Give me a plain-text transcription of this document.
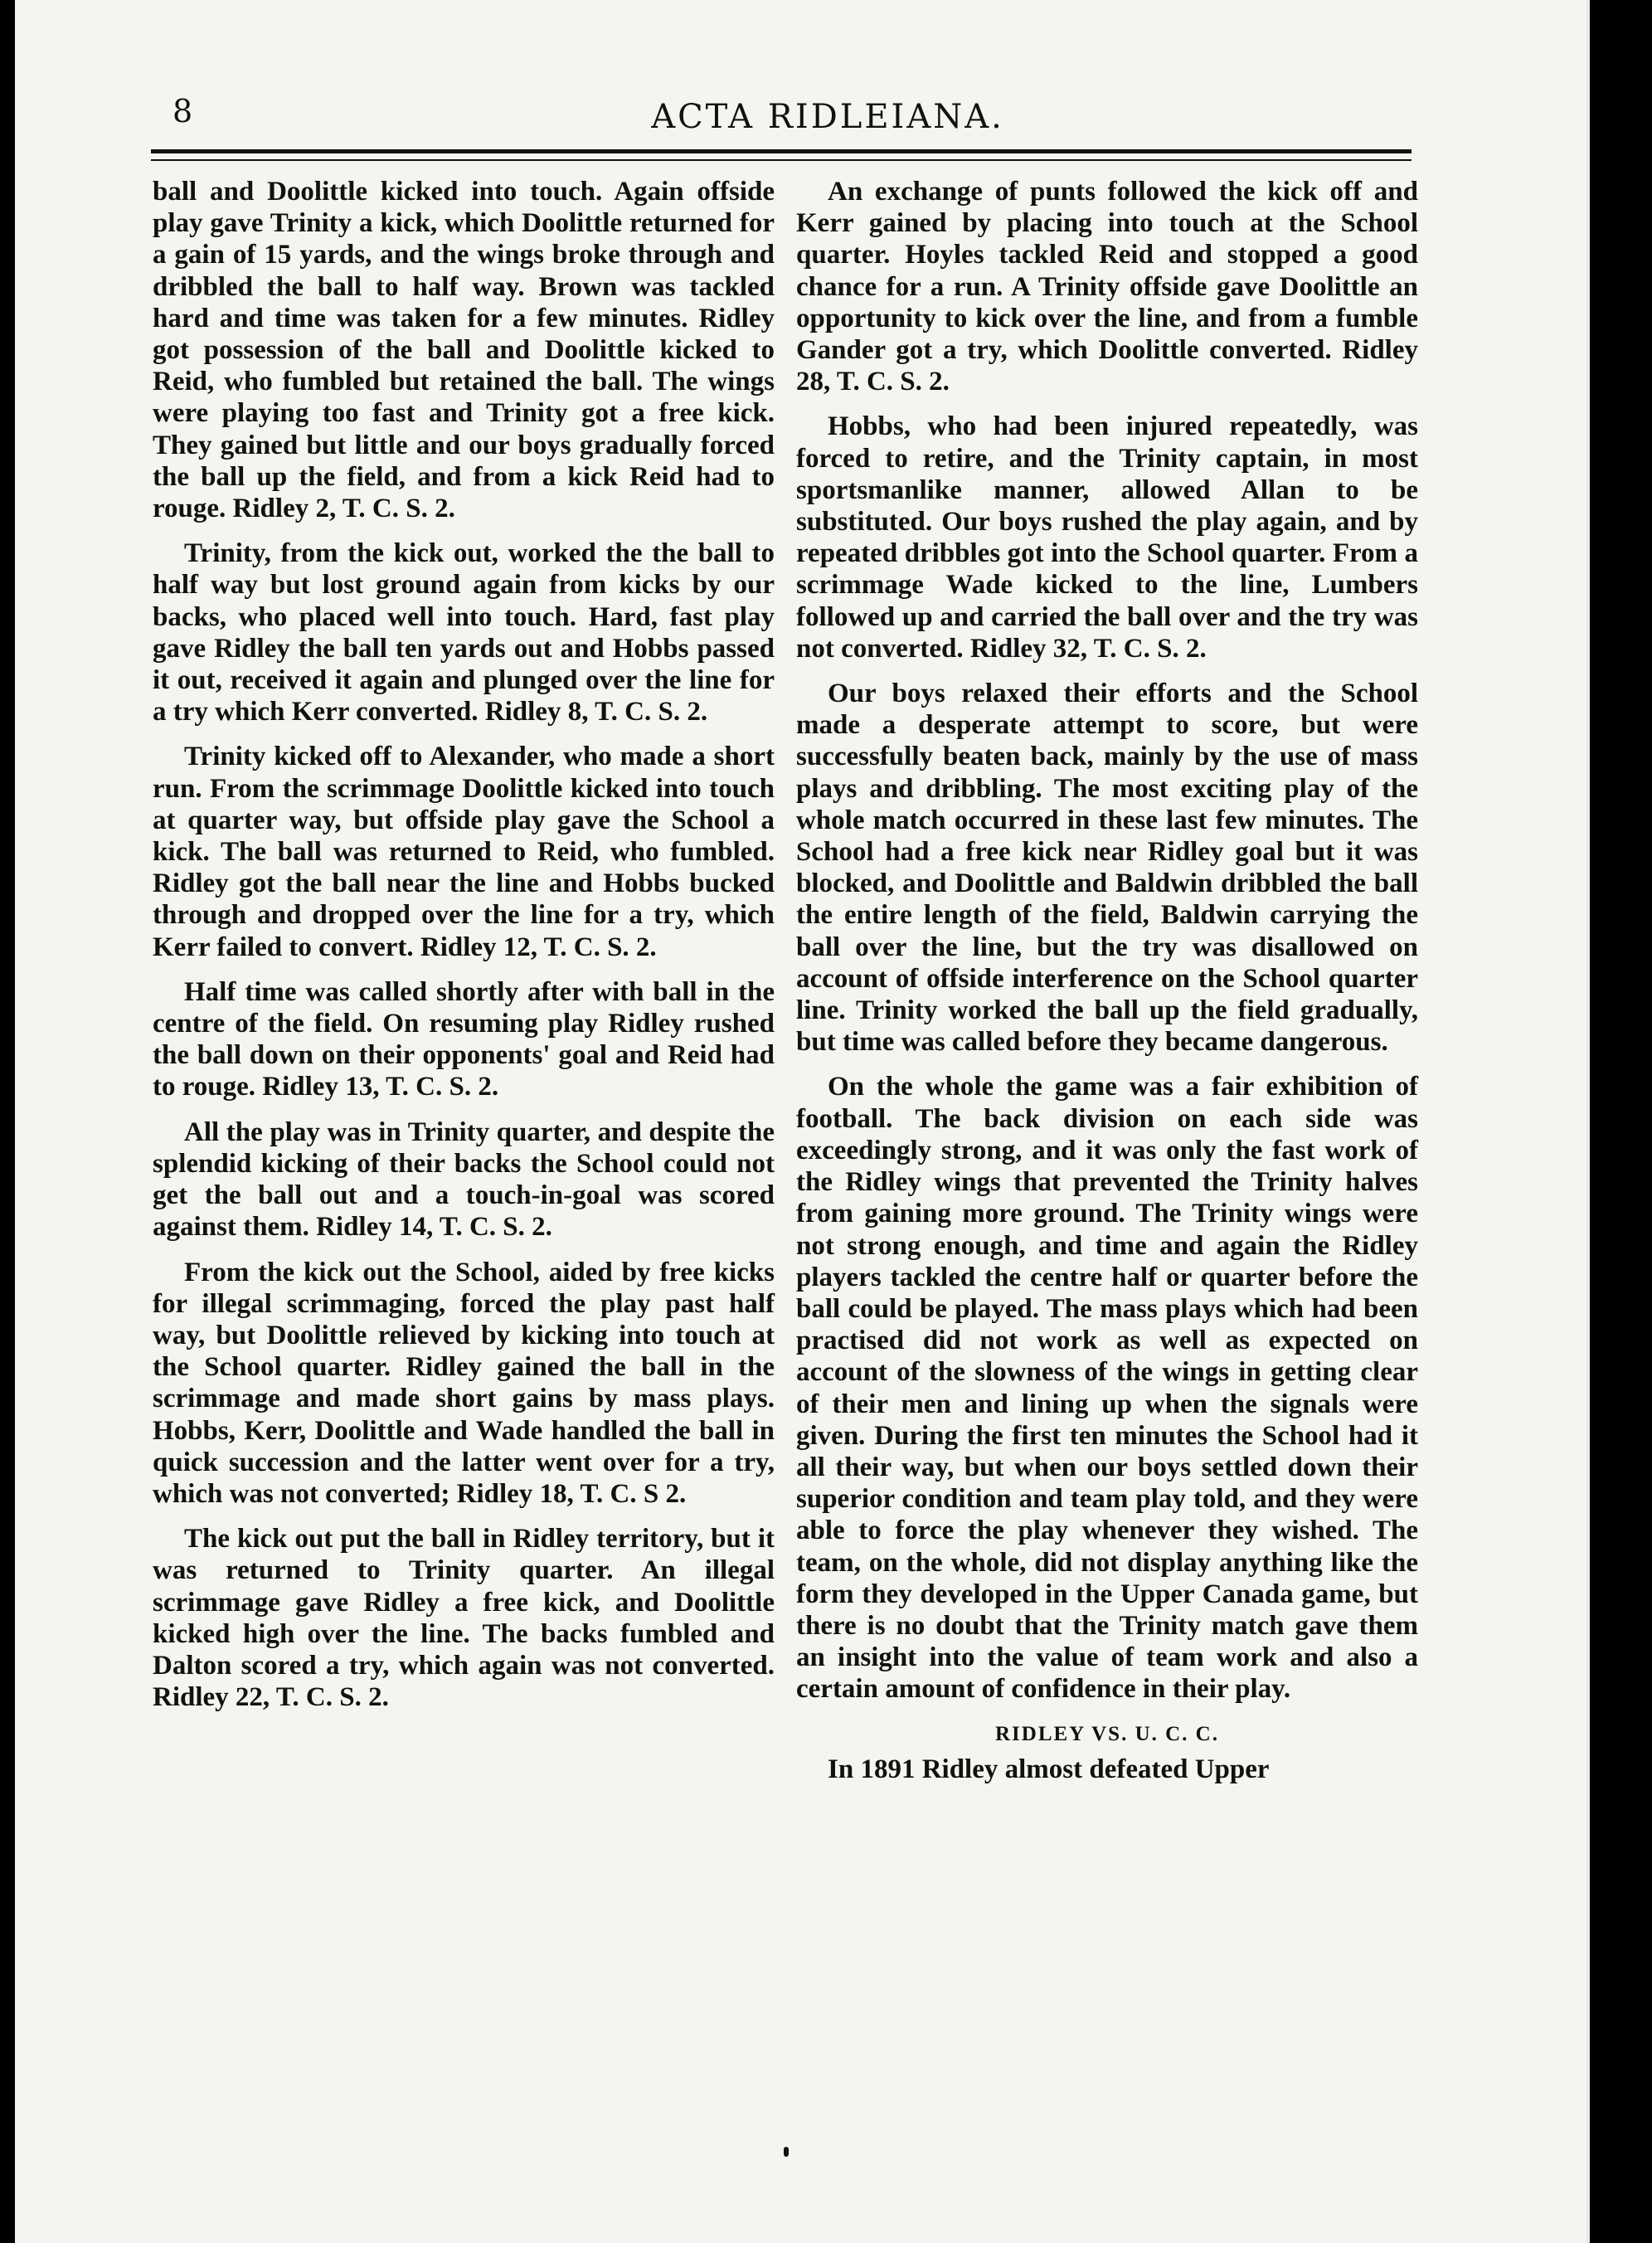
8	ACTA RIDLEIANA.

ball and Doolittle kicked into touch. Again offside play gave Trinity a kick, which Doolittle returned for a gain of 15 yards, and the wings broke through and dribbled the ball to half way. Brown was tackled hard and time was taken for a few minutes. Ridley got possession of the ball and Doolittle kicked to Reid, who fumbled but retained the ball. The wings were playing too fast and Trinity got a free kick. They gained but little and our boys gradually forced the ball up the field, and from a kick Reid had to rouge. Ridley 2, T. C. S. 2.

Trinity, from the kick out, worked the the ball to half way but lost ground again from kicks by our backs, who placed well into touch. Hard, fast play gave Ridley the ball ten yards out and Hobbs passed it out, received it again and plunged over the line for a try which Kerr converted. Ridley 8, T. C. S. 2.

Trinity kicked off to Alexander, who made a short run. From the scrimmage Doolittle kicked into touch at quarter way, but offside play gave the School a kick. The ball was returned to Reid, who fumbled. Ridley got the ball near the line and Hobbs bucked through and dropped over the line for a try, which Kerr failed to convert. Ridley 12, T. C. S. 2.

Half time was called shortly after with ball in the centre of the field. On resuming play Ridley rushed the ball down on their opponents' goal and Reid had to rouge. Ridley 13, T. C. S. 2.

All the play was in Trinity quarter, and despite the splendid kicking of their backs the School could not get the ball out and a touch-in-goal was scored against them. Ridley 14, T. C. S. 2.

From the kick out the School, aided by free kicks for illegal scrimmaging, forced the play past half way, but Doolittle relieved by kicking into touch at the School quarter. Ridley gained the ball in the scrimmage and made short gains by mass plays. Hobbs, Kerr, Doolittle and Wade handled the ball in quick succession and the latter went over for a try, which was not converted; Ridley 18, T. C. S 2.

The kick out put the ball in Ridley territory, but it was returned to Trinity quarter. An illegal scrimmage gave Ridley a free kick, and Doolittle kicked high over the line. The backs fumbled and Dalton scored a try, which again was not converted. Ridley 22, T. C. S. 2.

An exchange of punts followed the kick off and Kerr gained by placing into touch at the School quarter. Hoyles tackled Reid and stopped a good chance for a run. A Trinity offside gave Doolittle an opportunity to kick over the line, and from a fumble Gander got a try, which Doolittle converted. Ridley 28, T. C. S. 2.

Hobbs, who had been injured repeatedly, was forced to retire, and the Trinity captain, in most sportsmanlike manner, allowed Allan to be substituted. Our boys rushed the play again, and by repeated dribbles got into the School quarter. From a scrimmage Wade kicked to the line, Lumbers followed up and carried the ball over and the try was not converted. Ridley 32, T. C. S. 2.

Our boys relaxed their efforts and the School made a desperate attempt to score, but were successfully beaten back, mainly by the use of mass plays and dribbling. The most exciting play of the whole match occurred in these last few minutes. The School had a free kick near Ridley goal but it was blocked, and Doolittle and Baldwin dribbled the ball the entire length of the field, Baldwin carrying the ball over the line, but the try was disallowed on account of offside interference on the School quarter line. Trinity worked the ball up the field gradually, but time was called before they became dangerous.

On the whole the game was a fair exhibition of football. The back division on each side was exceedingly strong, and it was only the fast work of the Ridley wings that prevented the Trinity halves from gaining more ground. The Trinity wings were not strong enough, and time and again the Ridley players tackled the centre half or quarter before the ball could be played. The mass plays which had been practised did not work as well as expected on account of the slowness of the wings in getting clear of their men and lining up when the signals were given. During the first ten minutes the School had it all their way, but when our boys settled down their superior condition and team play told, and they were able to force the play whenever they wished. The team, on the whole, did not display anything like the form they developed in the Upper Canada game, but there is no doubt that the Trinity match gave them an insight into the value of team work and also a certain amount of confidence in their play.

RIDLEY VS. U. C. C.

In 1891 Ridley almost defeated Upper
